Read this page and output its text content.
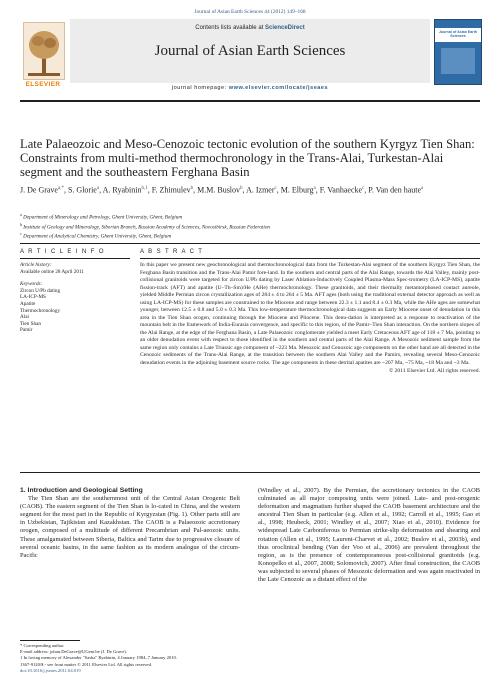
Journal of Asian Earth Sciences 44 (2012) 149–168
ELSEVIER
Contents lists available at ScienceDirect
Journal of Asian Earth Sciences
journal homepage: www.elsevier.com/locate/jseaes
Journal of Asian Earth Sciences
Late Palaeozoic and Meso-Cenozoic tectonic evolution of the southern Kyrgyz Tien Shan: Constraints from multi-method thermochronology in the Trans-Alai, Turkestan-Alai segment and the southeastern Ferghana Basin
J. De Grave$^{a,*}$, S. Glorie$^a$, A. Ryabinin$^{b,1}$, F. Zhimulev$^b$, M.M. Buslov$^b$, A. Izmer$^c$, M. Elburg$^a$, F. Vanhaecke$^c$, P. Van den haute$^a$
$^a$ Department of Mineralogy and Petrology, Ghent University, Ghent, Belgium
$^b$ Institute of Geology and Mineralogy, Siberian Branch, Russian Academy of Sciences, Novosibirsk, Russian Federation
$^c$ Department of Analytical Chemistry, Ghent University, Ghent, Belgium
A R T I C L E I N F O	A B S T R A C T
Article history:
Available online 28 April 2011
Keywords:
Zircon U/Pb dating
LA-ICP-MS
Apatite
Thermochronology
Alai
Tien Shan
Pamir
In this paper we present new geochronological and thermochronological data from the Turkestan-Alai segment of the southern Kyrgyz Tien Shan, the Ferghana Basin transition and the Trans-Alai Pamir fore-land. In the southern and central parts of the Alai Range, towards the Alai Valley, mainly post-collisional granitoids were targeted for zircon U/Pb dating by Laser Ablation-Inductively Coupled Plasma-Mass Spec-trometry (LA-ICP-MS), apatite fission-track (AFT) and apatite (U–Th–Sm)/He (AHe) thermochronology. These granitoids, and their thermally metamorphosed contact aureole, yielded Middle Permian zircon crystallization ages of 284 ± 4 to 264 ± 5 Ma. AFT ages (both using the traditional external detector approach as well as using LA-ICP-MS) for these samples are constrained to the Miocene and range between 22.3 ± 1.1 and 8.4 ± 0.3 Ma, while the AHe ages are somewhat younger, between 12.5 ± 0.8 and 5.0 ± 0.3 Ma. This low-temperature thermochronological data suggests an Early Miocene onset of denudation in this area in the Tien Shan orogen, continuing through the Miocene and Pliocene. This denu-dation is interpreted as a response to reactivation of the mountain belt in the framework of India-Eurasia convergence, and specific to this region, of the Pamir–Tien Shan interaction. On the northern slopes of the Alai Range, at the edge of the Ferghana Basin, a Late Palaeozoic conglomerate yielded a meet Early Cretaceous AFT age of 118 ± 7 Ma, pointing to an older denudation event with respect to those identified in the southern and central parts of the Alai Range. A Mesozoic sediment sample from the same region only contains a Late Triassic age component of ~223 Ma. Mesozoic and Cenozoic age components on the other hand are all detected in the Cenozoic sediments of the Trans-Alai Range, at the transition between the southern Alai Valley and the Pamirs, revealing several Meso-Cenozoic denudation events in the adjoining basement source rocks. The age components in these detrital apatites are ~207 Ma, ~75 Ma, ~18 Ma and ~3 Ma.
© 2011 Elsevier Ltd. All rights reserved.

1. Introduction and Geological Setting

The Tien Shan are the southernmost unit of the Central Asian Orogenic Belt (CAOB). The eastern segment of the Tien Shan is lo-cated in China, and the western segment for the most part in the Republic of Kyrgyzstan (Fig. 1). Other parts still are in Uzbekistan, Tajikistan and Kazakhstan. The CAOB is a Palaeozoic accretionary orogen, composed of a multitude of different Precambrian and Pal-aeozoic units. These amalgamated between Siberia, Baltica and Tarim due to progressive closure of several oceanic basins, in the same fashion as its modern analogue of the circum-Pacific

(Windley et al., 2007). By the Permian, the accretionary tectonics in the CAOB culminated as all major composing units were joined. Late- and post-orogenic deformation and magmatism further shaped the CAOB basement architecture and the ancestral Tien Shan in particular (e.g. Allen et al., 1992; Carroll et al., 1995; Gao et al., 1998; Heubeck, 2001; Windley et al., 2007; Xiao et al., 2010). Evidence for widespread Late Carboniferous to Permian strike-slip deformation and shearing and rotation (Allen et al., 1995; Laurent-Charvet et al., 2002; Buslov et al., 2003b), and thus oroclinical bending (Van der Voo et al., 2006) are prevalent throughout the region, as is the presence of contemporaneous post-collisional granitoids (e.g. Konopelko et al., 2007, 2008; Solomovich, 2007). After final construction, the CAOB was subjected to several phases of Mesozoic deformation and was again reactivated in the Late Cenozoic as a distant effect of the

* Corresponding author.
E-mail address: johan.DeGrave@UGent.be (J. De Grave).
1 In loving memory of Alexander "Sasha" Ryabinin, 4 January 1984–7 January 2010.
1367-9120/$ - see front matter © 2011 Elsevier Ltd. All rights reserved.
doi:10.1016/j.jseaes.2011.04.019
